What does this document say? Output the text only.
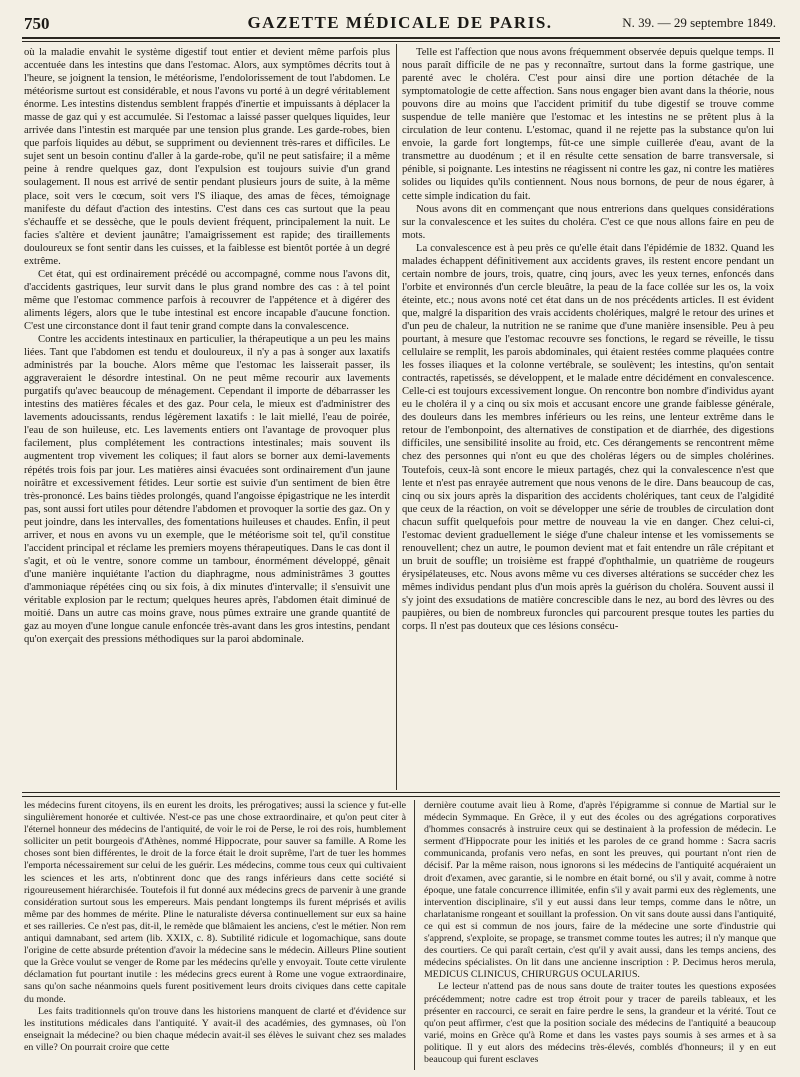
750	GAZETTE MÉDICALE DE PARIS.	N. 39. — 29 septembre 1849.

où la maladie envahit le système digestif tout entier et devient même parfois plus accentuée dans les intestins que dans l'estomac. Alors, aux symptômes décrits tout à l'heure, se joignent la tension, le météorisme, l'endolorissement de tout l'abdomen. Le météorisme surtout est considérable, et nous l'avons vu porté à un degré véritablement énorme. Les intestins distendus semblent frappés d'inertie et impuissants à déplacer la masse de gaz qui y est accumulée. Si l'estomac a laissé passer quelques liquides, leur arrivée dans l'intestin est marquée par une tension plus grande. Les garde-robes, bien que parfois liquides au début, se suppriment ou deviennent très-rares et difficiles. Le sujet sent un besoin continu d'aller à la garde-robe, qu'il ne peut satisfaire; il a même peine à rendre quelques gaz, dont l'expulsion est toujours suivie d'un grand soulagement. Il nous est arrivé de sentir pendant plusieurs jours de suite, à la même place, soit vers le cœcum, soit vers l'S iliaque, des amas de fèces, témoignage manifeste du défaut d'action des intestins. C'est dans ces cas surtout que la peau s'échauffe et se dessèche, que le pouls devient fréquent, principalement la nuit. Le facies s'altère et devient jaunâtre; l'amaigrissement est rapide; des tiraillements douloureux se font sentir dans les cuisses, et la faiblesse est bientôt portée à un degré extrême.

Cet état, qui est ordinairement précédé ou accompagné, comme nous l'avons dit, d'accidents gastriques, leur survit dans le plus grand nombre des cas : à tel point même que l'estomac commence parfois à recouvrer de l'appétence et à digérer des aliments légers, alors que le tube intestinal est encore incapable d'aucune fonction. C'est une circonstance dont il faut tenir grand compte dans la convalescence.

Contre les accidents intestinaux en particulier, la thérapeutique a un peu les mains liées. Tant que l'abdomen est tendu et douloureux, il n'y a pas à songer aux laxatifs administrés par la bouche. Alors même que l'estomac les laisserait passer, ils aggraveraient le désordre intestinal. On ne peut même recourir aux lavements purgatifs qu'avec beaucoup de ménagement. Cependant il importe de débarrasser les intestins des matières fécales et des gaz. Pour cela, le mieux est d'administrer des lavements adoucissants, rendus légèrement laxatifs : le lait miellé, l'eau de poirée, l'eau de son huileuse, etc. Les lavements entiers ont l'avantage de provoquer plus facilement, plus complétement les contractions intestinales; mais souvent ils augmentent trop vivement les coliques; il faut alors se borner aux demi-lavements répétés trois fois par jour. Les matières ainsi évacuées sont ordinairement d'un jaune noirâtre et excessivement fétides. Leur sortie est suivie d'un sentiment de bien être très-prononcé. Les bains tièdes prolongés, quand l'angoisse épigastrique ne les interdit pas, sont aussi fort utiles pour détendre l'abdomen et provoquer la sortie des gaz. On y peut joindre, dans les intervalles, des fomentations huileuses et chaudes. Enfin, il peut arriver, et nous en avons vu un exemple, que le météorisme soit tel, qu'il constitue l'accident principal et réclame les premiers moyens thérapeutiques. Dans le cas dont il s'agit, et où le ventre, sonore comme un tambour, énormément développé, gênait d'une manière inquiétante l'action du diaphragme, nous administrâmes 3 gouttes d'ammoniaque répétées cinq ou six fois, à dix minutes d'intervalle; il s'ensuivit une véritable explosion par le rectum; quelques heures après, l'abdomen était diminué de moitié. Dans un autre cas moins grave, nous pûmes extraire une grande quantité de gaz au moyen d'une longue canule enfoncée très-avant dans les gros intestins, pendant qu'on exerçait des pressions méthodiques sur la paroi abdominale.

Telle est l'affection que nous avons fréquemment observée depuis quelque temps. Il nous paraît difficile de ne pas y reconnaître, surtout dans la forme gastrique, une parenté avec le choléra. C'est pour ainsi dire une portion détachée de la symptomatologie de cette affection. Sans nous engager bien avant dans la théorie, nous pouvons dire au moins que l'accident primitif du tube digestif se trouve comme suspendue de telle manière que l'estomac et les intestins ne se prêtent plus à la circulation de leur contenu. L'estomac, quand il ne rejette pas la substance qu'on lui envoie, la garde fort longtemps, fût-ce une simple cuillerée d'eau, avant de la transmettre au duodénum ; et il en résulte cette sensation de barre transversale, si pénible, si poignante. Les intestins ne réagissent ni contre les gaz, ni contre les matières solides ou liquides qu'ils contiennent. Nous nous bornons, de peur de nous égarer, à cette simple indication du fait.

Nous avons dit en commençant que nous entrerions dans quelques considérations sur la convalescence et les suites du choléra. C'est ce que nous allons faire en peu de mots.

La convalescence est à peu près ce qu'elle était dans l'épidémie de 1832. Quand les malades échappent définitivement aux accidents graves, ils restent encore pendant un certain nombre de jours, trois, quatre, cinq jours, avec les yeux ternes, enfoncés dans l'orbite et environnés d'un cercle bleuâtre, la peau de la face collée sur les os, la voix éteinte, etc.; nous avons noté cet état dans un de nos précédents articles. Il est évident que, malgré la disparition des vrais accidents cholériques, malgré le retour des urines et d'un peu de chaleur, la nutrition ne se ranime que d'une manière insensible. Peu à peu pourtant, à mesure que l'estomac recouvre ses fonctions, le regard se réveille, le tissu cellulaire se remplit, les parois abdominales, qui étaient restées comme plaquées contre les fosses iliaques et la colonne vertébrale, se soulèvent; les intestins, qu'on sentait contractés, rapetissés, se développent, et le malade entre décidément en convalescence. Celle-ci est toujours excessivement longue. On rencontre bon nombre d'individus ayant eu le choléra il y a cinq ou six mois et accusant encore une grande faiblesse générale, des douleurs dans les membres inférieurs ou les reins, une lenteur extrême dans le retour de l'embonpoint, des alternatives de constipation et de diarrhée, des digestions difficiles, une sensibilité insolite au froid, etc. Ces dérangements se rencontrent même chez des personnes qui n'ont eu que des choléras légers ou de simples cholérines. Toutefois, ceux-là sont encore le mieux partagés, chez qui la convalescence n'est que lente et n'est pas enrayée autrement que nous venons de le dire. Dans beaucoup de cas, cinq ou six jours après la disparition des accidents cholériques, tant ceux de l'algidité que ceux de la réaction, on voit se développer une série de troubles de circulation dont chacun suffit quelquefois pour mettre de nouveau la vie en danger. Chez celui-ci, l'estomac devient graduellement le siége d'une chaleur intense et les vomissements se renouvellent; chez un autre, le poumon devient mat et fait entendre un râle crépitant et un bruit de souffle; un troisième est frappé d'ophthalmie, un quatrième de rougeurs érysipélateuses, etc. Nous avons même vu ces diverses altérations se succéder chez les mêmes individus pendant plus d'un mois après la guérison du choléra. Souvent aussi il s'y joint des exsudations de matière concrescible dans le nez, au bord des lèvres ou des paupières, ou bien de nombreux furoncles qui parcourent presque toutes les parties du corps. Il n'est pas douteux que ces lésions consécu-

les médecins furent citoyens, ils en eurent les droits, les prérogatives; aussi la science y fut-elle singulièrement honorée et cultivée. N'est-ce pas une chose extraordinaire, et qu'on peut citer à l'éternel honneur des médecins de l'antiquité, de voir le roi de Perse, le roi des rois, humblement solliciter un petit bourgeois d'Athènes, nommé Hippocrate, pour sauver sa famille. A Rome les choses sont bien différentes, le droit de la force était le droit suprême, l'art de tuer les hommes l'emporta nécessairement sur celui de les guérir. Les médecins, comme tous ceux qui cultivaient les sciences et les arts, n'obtinrent donc que des rangs inférieurs dans cette société si rigoureusement hiérarchisée. Toutefois il fut donné aux médecins grecs de parvenir à une grande considération surtout sous les empereurs. Mais pendant longtemps ils furent méprisés et avilis même par des hommes de mérite. Pline le naturaliste déversa continuellement sur eux sa haine et ses railleries. Ce n'est pas, dit-il, le remède que blâmaient les anciens, c'est le métier. Non rem antiqui damnabant, sed artem (lib. XXIX, c. 8). Subtilité ridicule et logomachique, sans doute l'origine de cette absurde prétention d'avoir la médecine sans le médecin. Ailleurs Pline soutient que la Grèce voulut se venger de Rome par les médecins qu'elle y envoyait. Toute cette virulente déclamation fut pourtant inutile : les médecins grecs eurent à Rome une vogue extraordinaire, sans qu'on sache néanmoins quels furent positivement leurs droits civiques dans cette capitale du monde.

Les faits traditionnels qu'on trouve dans les historiens manquent de clarté et d'évidence sur les institutions médicales dans l'antiquité. Y avait-il des académies, des gymnases, où l'on enseignait la médecine? ou bien chaque médecin avait-il ses élèves le suivant chez ses malades en ville? On pourrait croire que cette

dernière coutume avait lieu à Rome, d'après l'épigramme si connue de Martial sur le médecin Symmaque. En Grèce, il y eut des écoles ou des agrégations corporatives d'hommes consacrés à instruire ceux qui se destinaient à la profession de médecin. Le serment d'Hippocrate pour les initiés et les paroles de ce grand homme : Sacra sacris communicanda, profanis vero nefas, en sont les preuves, qui pourtant n'ont rien de décisif. Par la même raison, nous ignorons si les médecins de l'antiquité acquéraient un droit d'examen, avec garantie, si le nombre en était borné, ou s'il y avait, comme à notre époque, une fatale concurrence illimitée, enfin s'il y avait parmi eux des règlements, une intervention disciplinaire, s'il y eut aussi dans leur temps, comme dans le nôtre, un charlatanisme rongeant et souillant la profession. On vit sans doute aussi dans l'antiquité, ce qui est si commun de nos jours, faire de la médecine une sorte d'industrie qui s'apprend, s'exploite, se propage, se transmet comme toutes les autres; il n'y manque que des courtiers. Ce qui paraît certain, c'est qu'il y avait aussi, dans les temps anciens, des médecins spécialistes. On lit dans une ancienne inscription : P. Decimus heros merula, MEDICUS CLINICUS, CHIRURGUS OCULARIUS.

Le lecteur n'attend pas de nous sans doute de traiter toutes les questions exposées précédemment; notre cadre est trop étroit pour y tracer de pareils tableaux, et les présenter en raccourci, ce serait en faire perdre le sens, la grandeur et la vérité. Tout ce qu'on peut affirmer, c'est que la position sociale des médecins de l'antiquité a beaucoup varié, moins en Grèce qu'à Rome et dans les vastes pays soumis à ses armes et à sa politique. Il y eut alors des médecins très-élevés, comblés d'honneurs; il y en eut beaucoup qui furent esclaves
